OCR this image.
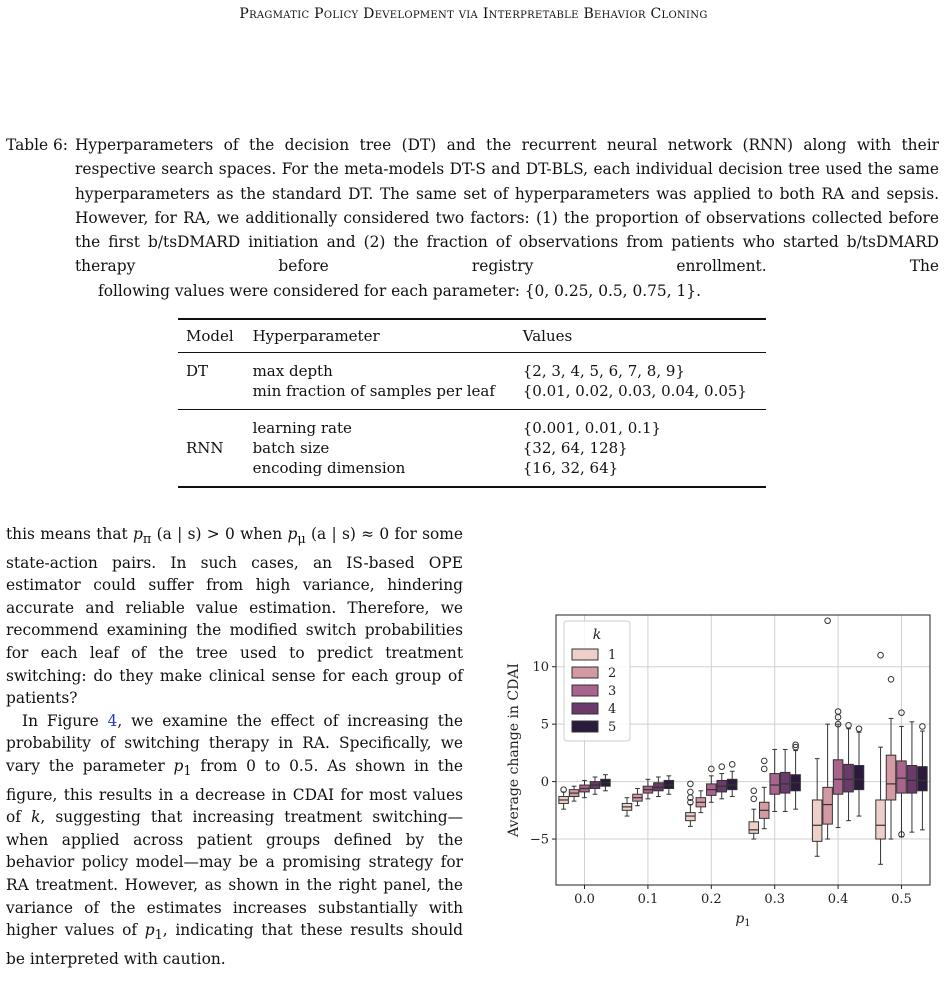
Pragmatic Policy Development via Interpretable Behavior Cloning
Table 6: Hyperparameters of the decision tree (DT) and the recurrent neural network (RNN) along with their respective search spaces. For the meta-models DT-S and DT-BLS, each individual decision tree used the same hyperparameters as the standard DT. The same set of hyperparameters was applied to both RA and sepsis. However, for RA, we additionally considered two factors: (1) the proportion of observations collected before the first b/tsDMARD initiation and (2) the fraction of observations from patients who started b/tsDMARD therapy before registry enrollment. The
following values were considered for each parameter: {0, 0.25, 0.5, 0.75, 1}.
Model	Hyperparameter	Values
DT	max depth	{2, 3, 4, 5, 6, 7, 8, 9}
	min fraction of samples per leaf	{0.01, 0.02, 0.03, 0.04, 0.05}
RNN	learning rate	{0.001, 0.01, 0.1}
	batch size	{32, 64, 128}
	encoding dimension	{16, 32, 64}

this means that $p_\pi$ (a | s) > 0 when $p_\mu$ (a | s) ≈ 0 for some state-action pairs. In such cases, an IS-based OPE estimator could suffer from high variance, hindering accurate and reliable value estimation. Therefore, we recommend examining the modified switch probabilities for each leaf of the tree used to predict treatment switching: do they make clinical sense for each group of patients?

In Figure 4, we examine the effect of increasing the probability of switching therapy in RA. Specifically, we vary the parameter $p_1$ from 0 to 0.5. As shown in the figure, this results in a decrease in CDAI for most values of k, suggesting that increasing treatment switching—when applied across patient groups defined by the behavior policy model—may be a promising strategy for RA treatment. However, as shown in the right panel, the variance of the estimates increases substantially with higher values of $p_1$, indicating that these results should be interpreted with caution.

0.0	0.1	0.2	0.3	0.4	0.5
−5
0
5
10
$p_1$
Average change in CDAI
k
1
2
3
4
5
